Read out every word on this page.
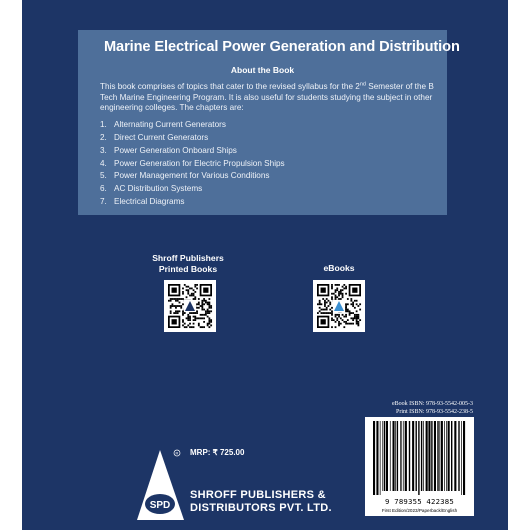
Marine Electrical Power Generation and Distribution
About the Book

This book comprises of topics that cater to the revised syllabus for the 2nd Semester of the B Tech Marine Engineering Program. It is also useful for students studying the subject in other engineering colleges. The chapters are:

1. Alternating Current Generators
2. Direct Current Generators
3. Power Generation Onboard Ships
4. Power Generation for Electric Propulsion Ships
5. Power Management for Various Conditions
6. AC Distribution Systems
7. Electrical Diagrams
Shroff Publishers
Printed Books	eBooks
R
SPD
MRP: ₹ 725.00
SHROFF PUBLISHERS &
DISTRIBUTORS PVT. LTD.
eBook ISBN: 978-93-5542-005-3
Print ISBN: 978-93-5542-238-5
9 789355 422385
First Edition/2023/Paperback/English
